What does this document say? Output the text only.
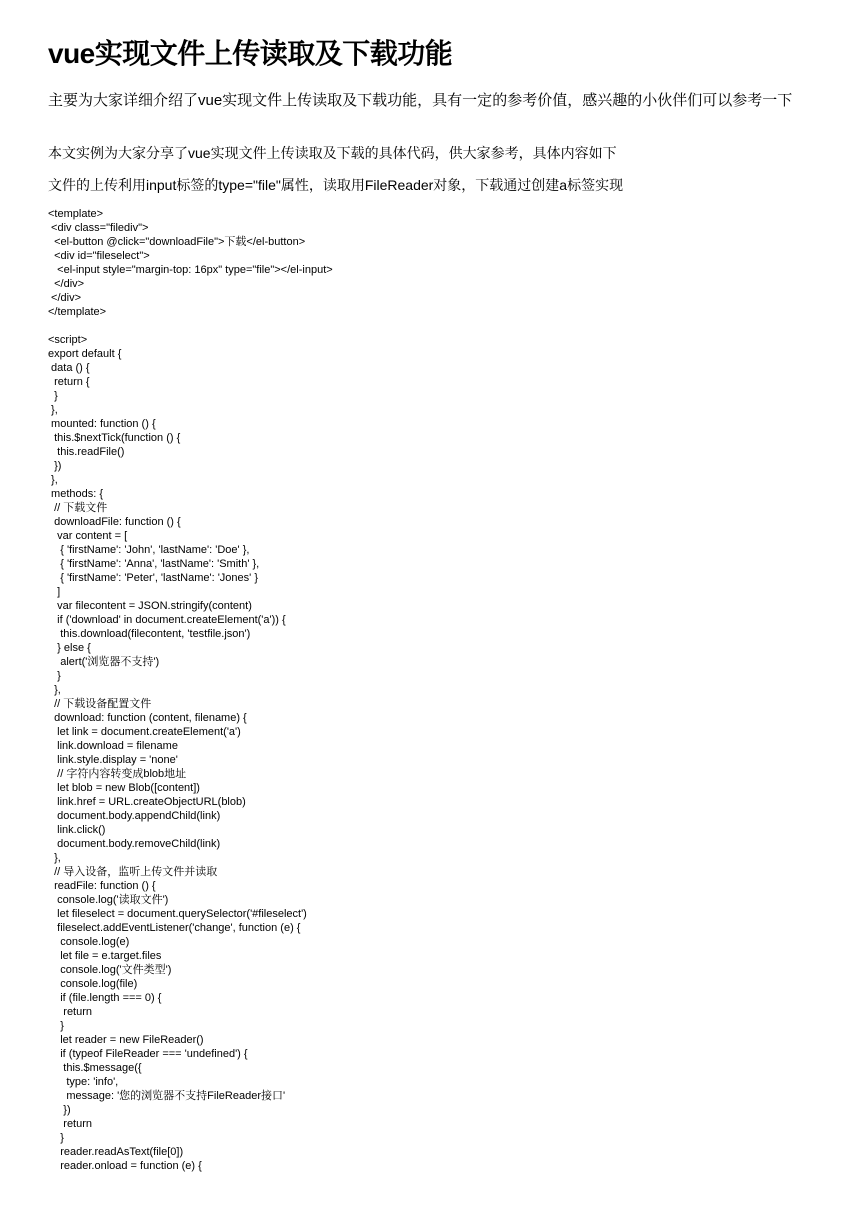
vue实现文件上传读取及下载功能

主要为大家详细介绍了vue实现文件上传读取及下载功能，具有一定的参考价值，感兴趣的小伙伴们可以参考一下

本文实例为大家分享了vue实现文件上传读取及下载的具体代码，供大家参考，具体内容如下

文件的上传利用input标签的type="file"属性，读取用FileReader对象，下载通过创建a标签实现

<template>
<div class="filediv">
<el-button @click="downloadFile">下载</el-button>
<div id="fileselect">
<el-input style="margin-top: 16px" type="file"></el-input>
</div>
</div>
</template>
<script>
export default {
data () {
return {
}
},
mounted: function () {
this.$nextTick(function () {
this.readFile()
})
},
methods: {
// 下载文件
downloadFile: function () {
var content = [
{ 'firstName': 'John', 'lastName': 'Doe' },
{ 'firstName': 'Anna', 'lastName': 'Smith' },
{ 'firstName': 'Peter', 'lastName': 'Jones' }
]
var filecontent = JSON.stringify(content)
if ('download' in document.createElement('a')) {
this.download(filecontent, 'testfile.json')
} else {
alert('浏览器不支持')
}
},
// 下载设备配置文件
download: function (content, filename) {
let link = document.createElement('a')
link.download = filename
link.style.display = 'none'
// 字符内容转变成blob地址
let blob = new Blob([content])
link.href = URL.createObjectURL(blob)
document.body.appendChild(link)
link.click()
document.body.removeChild(link)
},
// 导入设备，监听上传文件并读取
readFile: function () {
console.log('读取文件')
let fileselect = document.querySelector('#fileselect')
fileselect.addEventListener('change', function (e) {
console.log(e)
let file = e.target.files
console.log('文件类型')
console.log(file)
if (file.length === 0) {
return
}
let reader = new FileReader()
if (typeof FileReader === 'undefined') {
this.$message({
type: 'info',
message: '您的浏览器不支持FileReader接口'
})
return
}
reader.readAsText(file[0])
reader.onload = function (e) {
